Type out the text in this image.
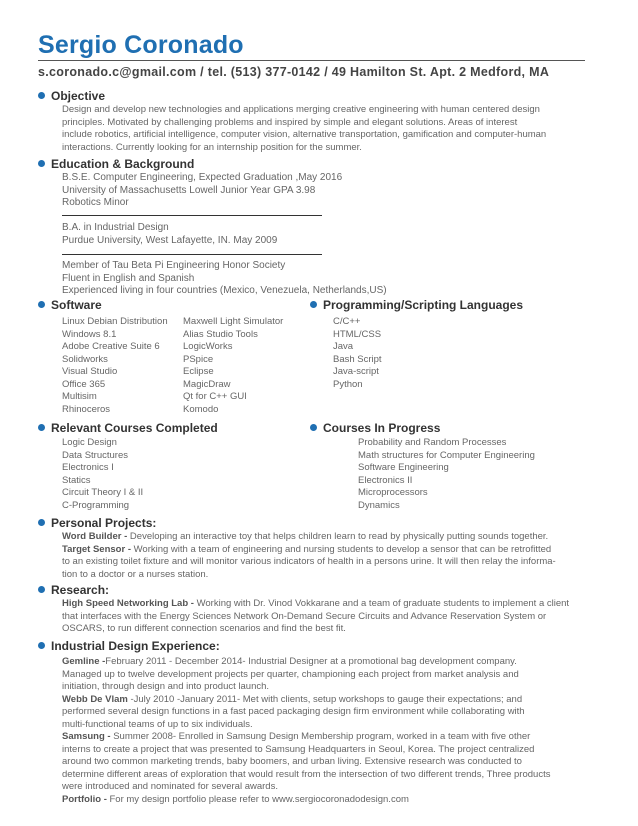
Sergio Coronado
s.coronado.c@gmail.com / tel. (513) 377-0142 / 49 Hamilton St. Apt. 2 Medford, MA
Objective
Design and develop new technologies and applications merging creative engineering with human centered design
principles. Motivated by challenging problems and inspired by simple and elegant solutions. Areas of interest
include robotics, artificial intelligence, computer vision, alternative transportation, gamification and computer-human
interactions. Currently looking for an internship position for the summer.
Education & Background
B.S.E. Computer Engineering, Expected Graduation ,May 2016
University of Massachusetts Lowell Junior Year GPA 3.98
Robotics Minor
B.A. in Industrial Design
Purdue University, West Lafayette, IN. May 2009
Member of Tau Beta Pi Engineering Honor Society
Fluent in English and Spanish
Experienced living in four countries (Mexico, Venezuela, Netherlands,US)
Software
Linux Debian Distribution
Windows 8.1
Adobe Creative Suite 6
Solidworks
Visual Studio
Office 365
Multisim
Rhinoceros
Maxwell Light Simulator
Alias Studio Tools
LogicWorks
PSpice
Eclipse
MagicDraw
Qt for C++ GUI
Komodo
Programming/Scripting Languages
C/C++
HTML/CSS
Java
Bash Script
Java-script
Python
Relevant Courses Completed
Logic Design
Data Structures
Electronics I
Statics
Circuit Theory I & II
C-Programming
Courses In Progress
Probability and Random Processes
Math structures for Computer Engineering
Software Engineering
Electronics II
Microprocessors
Dynamics
Personal Projects:
Word Builder - Developing an interactive toy that helps children learn to read by physically putting sounds together.
Target Sensor - Working with a team of engineering and nursing students to develop a sensor that can be retrofitted
to an existing toilet fixture and will monitor various indicators of health in a persons urine. It will then relay the informa-
tion to a doctor or a nurses station.
Research:
High Speed Networking Lab - Working with Dr. Vinod Vokkarane and a team of graduate students to implement a client
that interfaces with the Energy Sciences Network On-Demand Secure Circuits and Advance Reservation System or
OSCARS, to run different connection scenarios and find the best fit.
Industrial Design Experience:
Gemline -February 2011 - December 2014- Industrial Designer at a promotional bag development company.
Managed up to twelve development projects per quarter, championing each project from market analysis and
initiation, through design and into product launch.
Webb De Vlam -July 2010 -January 2011- Met with clients, setup workshops to gauge their expectations; and
performed several design functions in a fast paced packaging design firm environment while collaborating with
multi-functional teams of up to six individuals.
Samsung - Summer 2008- Enrolled in Samsung Design Membership program, worked in a team with five other
interns to create a project that was presented to Samsung Headquarters in Seoul, Korea. The project centralized
around two common marketing trends, baby boomers, and urban living. Extensive research was conducted to
determine different areas of exploration that would result from the intersection of two different trends, Three products
were introduced and nominated for several awards.
Portfolio - For my design portfolio please refer to www.sergiocoronadodesign.com
